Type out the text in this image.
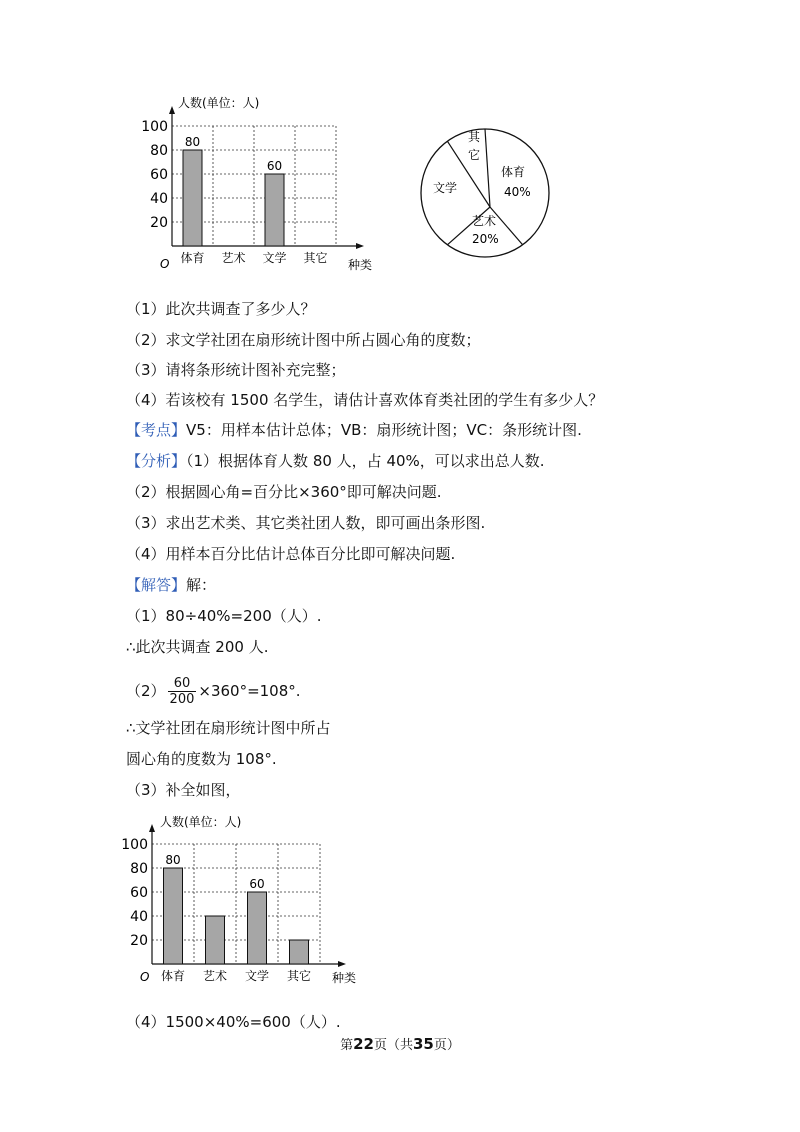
人数(单位：人)
100
80
60
40
20
80
60
体育 艺术 文学 其它
O	种类
体育
40%
艺术
20%
文学
其
它
（1）此次共调查了多少人？
（2）求文学社团在扇形统计图中所占圆心角的度数；
（3）请将条形统计图补充完整；
（4）若该校有 1500 名学生，请估计喜欢体育类社团的学生有多少人？
【考点】V5：用样本估计总体；VB：扇形统计图；VC：条形统计图.
【分析】（1）根据体育人数 80 人，占 40%，可以求出总人数.
（2）根据圆心角=百分比×360°即可解决问题.
（3）求出艺术类、其它类社团人数，即可画出条形图.
（4）用样本百分比估计总体百分比即可解决问题.
【解答】解：
（1）80÷40%=200（人）.
∴此次共调查 200 人.
$(2) \frac{60}{200} \times 360^\circ=108^\circ$.
∴文学社团在扇形统计图中所占
圆心角的度数为 108°.
（3）补全如图，
人数(单位：人)
100
80
60
40
20
80
60
体育 艺术 文学 其它
O	种类
（4）1500×40%=600（人）.
第22页（共35页）
